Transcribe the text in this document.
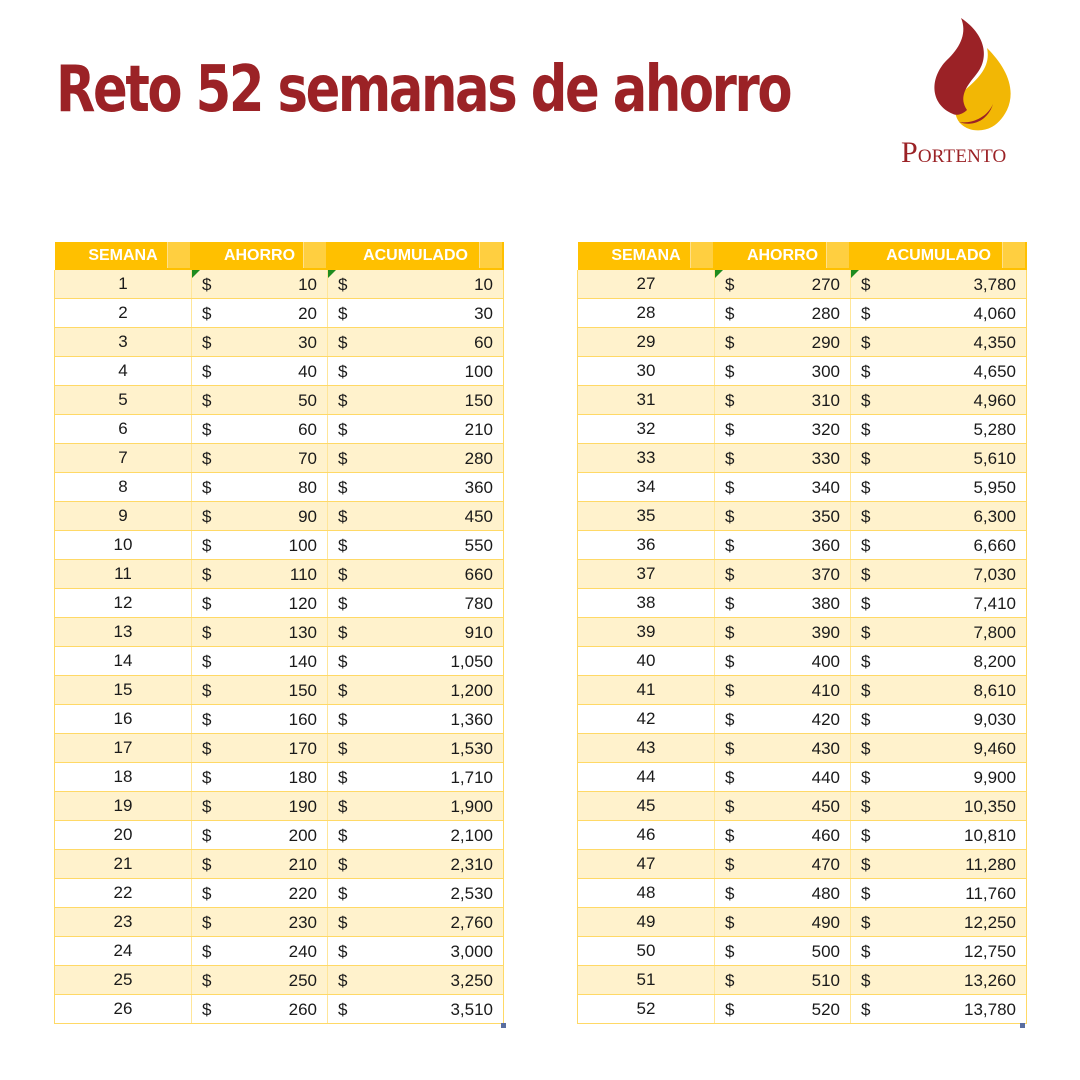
Reto 52 semanas de ahorro
PORTENTO
SEMANA	AHORRO	ACUMULADO

1	$ 10	$ 10

2	$ 20	$ 30

3	$ 30	$ 60

4	$ 40	$ 100

5	$ 50	$ 150

6	$ 60	$ 210

7	$ 70	$ 280

8	$ 80	$ 360

9	$ 90	$ 450

10	$ 100	$ 550

11	$ 110	$ 660

12	$ 120	$ 780

13	$ 130	$ 910

14	$ 140	$ 1,050

15	$ 150	$ 1,200

16	$ 160	$ 1,360

17	$ 170	$ 1,530

18	$ 180	$ 1,710

19	$ 190	$ 1,900

20	$ 200	$ 2,100

21	$ 210	$ 2,310

22	$ 220	$ 2,530

23	$ 230	$ 2,760

24	$ 240	$ 3,000

25	$ 250	$ 3,250

26	$ 260	$ 3,510
SEMANA	AHORRO	ACUMULADO

27	$ 270	$ 3,780

28	$ 280	$ 4,060

29	$ 290	$ 4,350

30	$ 300	$ 4,650

31	$ 310	$ 4,960

32	$ 320	$ 5,280

33	$ 330	$ 5,610

34	$ 340	$ 5,950

35	$ 350	$ 6,300

36	$ 360	$ 6,660

37	$ 370	$ 7,030

38	$ 380	$ 7,410

39	$ 390	$ 7,800

40	$ 400	$ 8,200

41	$ 410	$ 8,610

42	$ 420	$ 9,030

43	$ 430	$ 9,460

44	$ 440	$ 9,900

45	$ 450	$ 10,350

46	$ 460	$ 10,810

47	$ 470	$ 11,280

48	$ 480	$ 11,760

49	$ 490	$ 12,250

50	$ 500	$ 12,750

51	$ 510	$ 13,260

52	$ 520	$ 13,780
